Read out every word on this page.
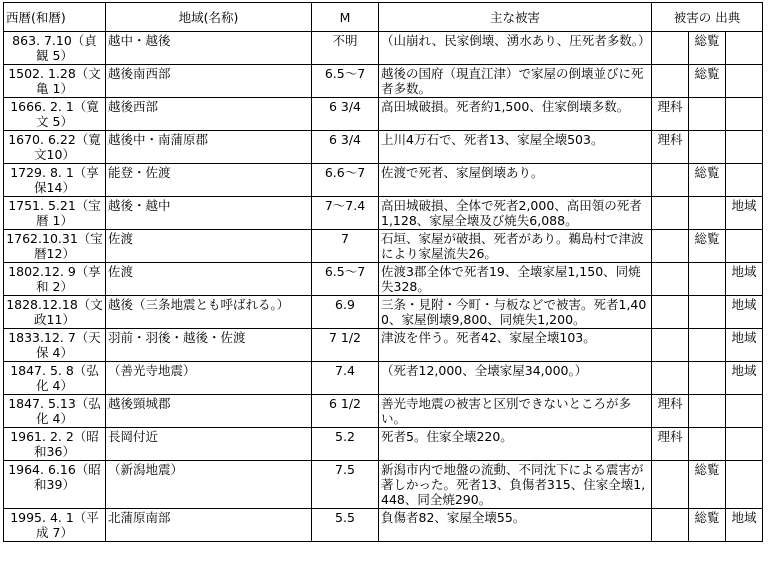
西暦(和暦)	地域(名称)	M	主な被害	被害の 出典		
863. 7.10（貞観 5）	越中・越後	不明	（山崩れ、民家倒壊、湧水あり、圧死者多数。）		総覧	
1502. 1.28（文亀 1）	越後南西部	6.5～7	越後の国府（現直江津）で家屋の倒壊並びに死者多数。		総覧	
1666. 2. 1（寛文 5）	越後西部	6 3/4	高田城破損。死者約1,500、住家倒壊多数。	理科		
1670. 6.22（寛文10）	越後中・南蒲原郡	6 3/4	上川4万石で、死者13、家屋全壊503。	理科		
1729. 8. 1（享保14）	能登・佐渡	6.6～7	佐渡で死者、家屋倒壊あり。		総覧	
1751. 5.21（宝暦 1）	越後・越中	7～7.4	高田城破損、全体で死者2,000、高田領の死者1,128、家屋全壊及び焼失6,088。			地域
1762.10.31（宝暦12）	佐渡	7	石垣、家屋が破損、死者があり。鵜島村で津波により家屋流失26。		総覧	
1802.12. 9（享和 2）	佐渡	6.5～7	佐渡3郡全体で死者19、全壊家屋1,150、同焼失328。			地域
1828.12.18（文政11）	越後（三条地震とも呼ばれる。）	6.9	三条・見附・今町・与板などで被害。死者1,400、家屋倒壊9,800、同焼失1,200。			地域
1833.12. 7（天保 4）	羽前・羽後・越後・佐渡	7 1/2	津波を伴う。死者42、家屋全壊103。			地域
1847. 5. 8（弘化 4）	（善光寺地震）	7.4	（死者12,000、全壊家屋34,000。）			地域
1847. 5.13（弘化 4）	越後頸城郡	6 1/2	善光寺地震の被害と区別できないところが多い。	理科		
1961. 2. 2（昭和36）	長岡付近	5.2	死者5。住家全壊220。	理科		
1964. 6.16（昭和39）	（新潟地震）	7.5	新潟市内で地盤の流動、不同沈下による震害が著しかった。死者13、負傷者315、住家全壊1,448、同全焼290。		総覧	
1995. 4. 1（平成 7）	北蒲原南部	5.5	負傷者82、家屋全壊55。		総覧	地域
